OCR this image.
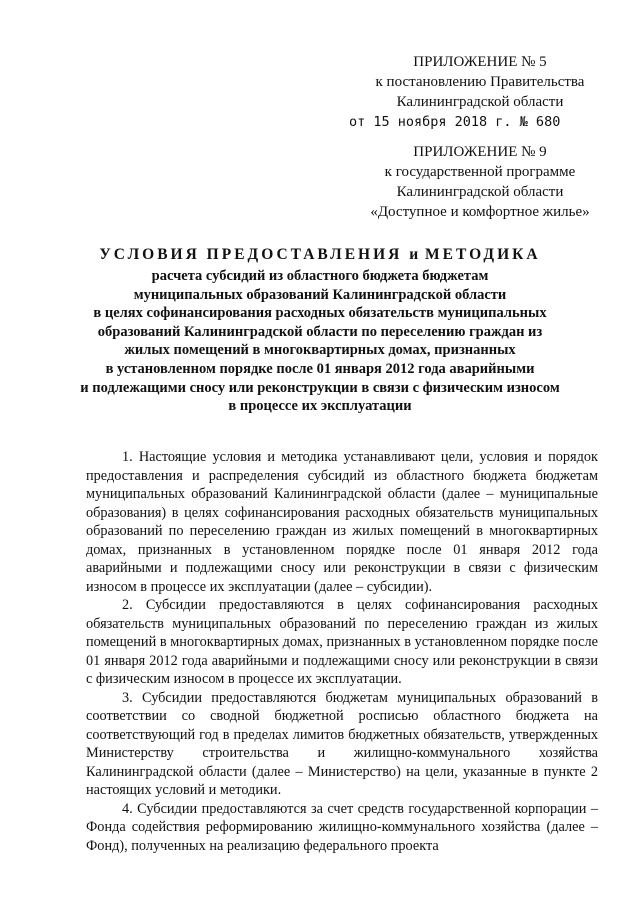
ПРИЛОЖЕНИЕ № 5
к постановлению Правительства
Калининградской области
от 15 ноября 2018 г. № 680
ПРИЛОЖЕНИЕ № 9
к государственной программе
Калининградской области
«Доступное и комфортное жилье»
УСЛОВИЯ ПРЕДОСТАВЛЕНИЯ и МЕТОДИКА
расчета субсидий из областного бюджета бюджетам
муниципальных образований Калининградской области
в целях софинансирования расходных обязательств муниципальных
образований Калининградской области по переселению граждан из
жилых помещений в многоквартирных домах, признанных
в установленном порядке после 01 января 2012 года аварийными
и подлежащими сносу или реконструкции в связи с физическим износом
в процессе их эксплуатации

1. Настоящие условия и методика устанавливают цели, условия и порядок предоставления и распределения субсидий из областного бюджета бюджетам муниципальных образований Калининградской области (далее – муниципальные образования) в целях софинансирования расходных обязательств муниципальных образований по переселению граждан из жилых помещений в многоквартирных домах, признанных в установленном порядке после 01 января 2012 года аварийными и подлежащими сносу или реконструкции в связи с физическим износом в процессе их эксплуатации (далее – субсидии).

2. Субсидии предоставляются в целях софинансирования расходных обязательств муниципальных образований по переселению граждан из жилых помещений в многоквартирных домах, признанных в установленном порядке после 01 января 2012 года аварийными и подлежащими сносу или реконструкции в связи с физическим износом в процессе их эксплуатации.

3. Субсидии предоставляются бюджетам муниципальных образований в соответствии со сводной бюджетной росписью областного бюджета на соответствующий год в пределах лимитов бюджетных обязательств, утвержденных Министерству строительства и жилищно-коммунального хозяйства Калининградской области (далее – Министерство) на цели, указанные в пункте 2 настоящих условий и методики.

4. Субсидии предоставляются за счет средств государственной корпорации – Фонда содействия реформированию жилищно-коммунального хозяйства (далее – Фонд), полученных на реализацию федерального проекта
